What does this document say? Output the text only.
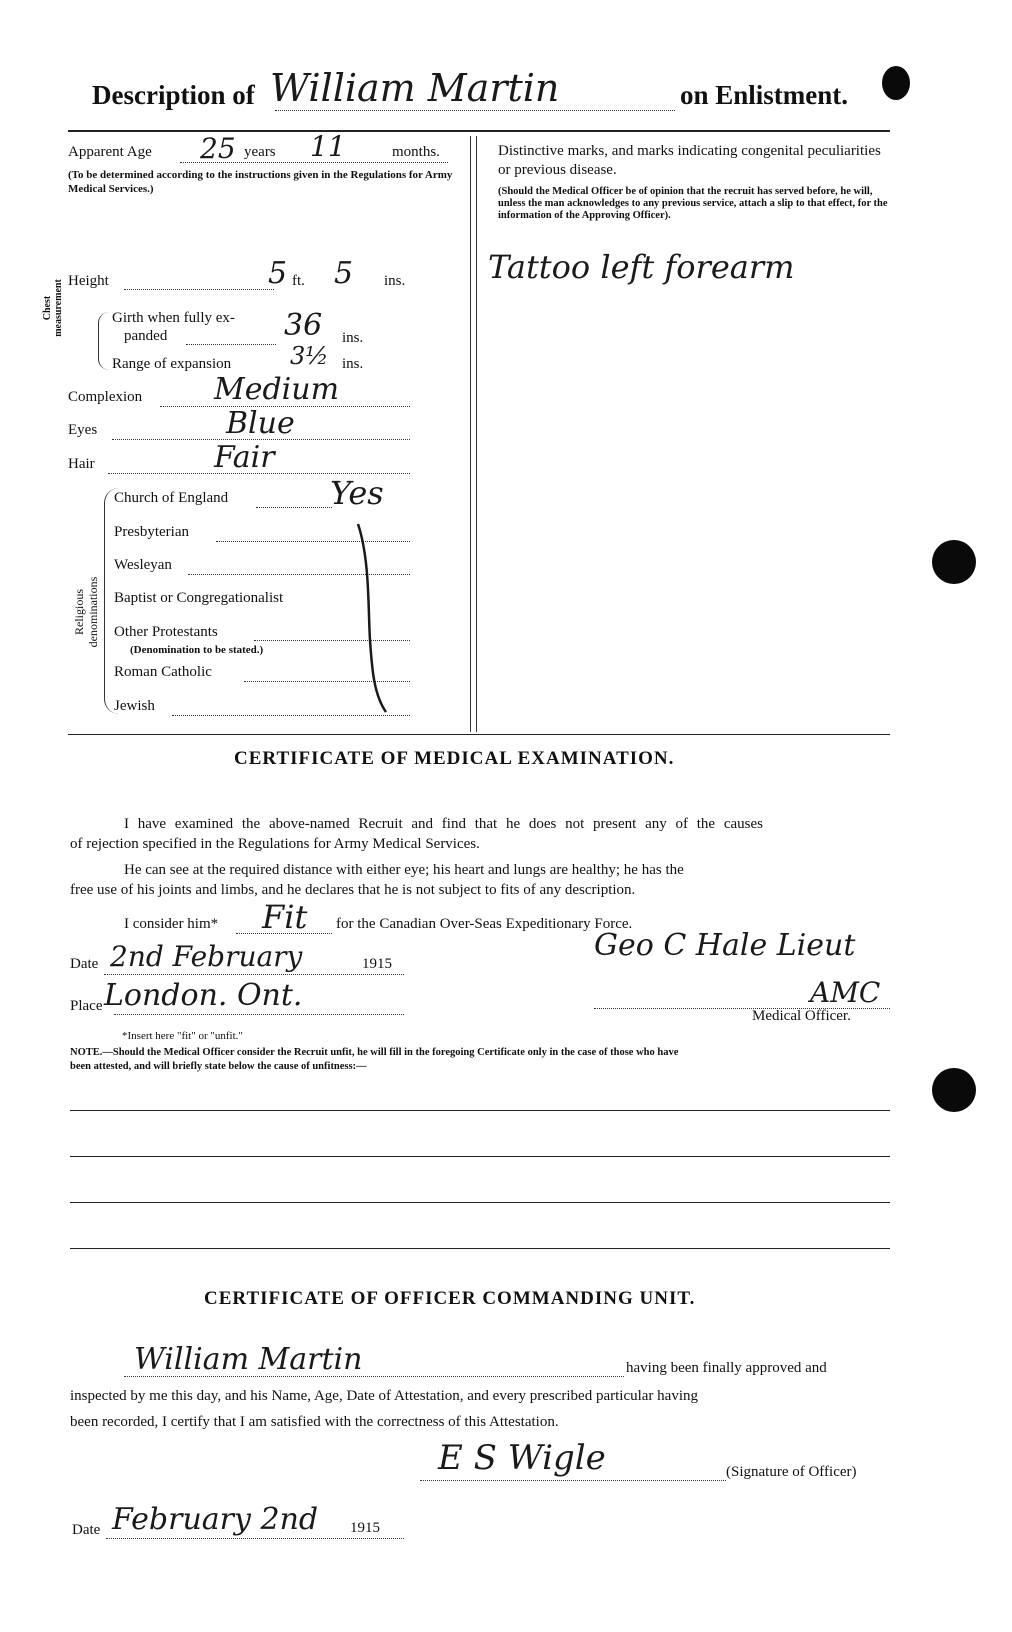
Description of William Martin	on Enlistment.
Apparent Age 25 years 11	months.
(To be determined according to the instructions given in the Regulations for Army Medical Services.)
Distinctive marks, and marks indicating congenital peculiarities or previous disease.
(Should the Medical Officer be of opinion that the recruit has served before, he will, unless the man acknowledges to any previous service, attach a slip to that effect, for the information of the Approving Officer).
Tattoo left forearm
Height	5 ft. 5 ins.
Chest measurement	Girth when fully ex-
panded	36 ins.
Range of expansion 3½ ins.
Complexion Medium
Eyes	Blue
Hair	Fair
Religious denominations
Church of England	Yes
Presbyterian
Wesleyan
Baptist or Congregationalist
Other Protestants
(Denomination to be stated.)
Roman Catholic
Jewish
CERTIFICATE OF MEDICAL EXAMINATION.
I have examined the above-named Recruit and find that he does not present any of the causes
of rejection specified in the Regulations for Army Medical Services.
He can see at the required distance with either eye; his heart and lungs are healthy; he has the
free use of his joints and limbs, and he declares that he is not subject to fits of any description.
I consider him* Fit for the Canadian Over-Seas Expeditionary Force.
Date 2nd February	1915
Place London. Ont.
Geo C Hale Lieut
AMC
Medical Officer.
*Insert here "fit" or "unfit."
NOTE.—Should the Medical Officer consider the Recruit unfit, he will fill in the foregoing Certificate only in the case of those who have
been attested, and will briefly state below the cause of unfitness:—
CERTIFICATE OF OFFICER COMMANDING UNIT.
William Martin	having been finally approved and
inspected by me this day, and his Name, Age, Date of Attestation, and every prescribed particular having
been recorded, I certify that I am satisfied with the correctness of this Attestation.
E S Wigle	(Signature of Officer)
Date February 2nd 1915
